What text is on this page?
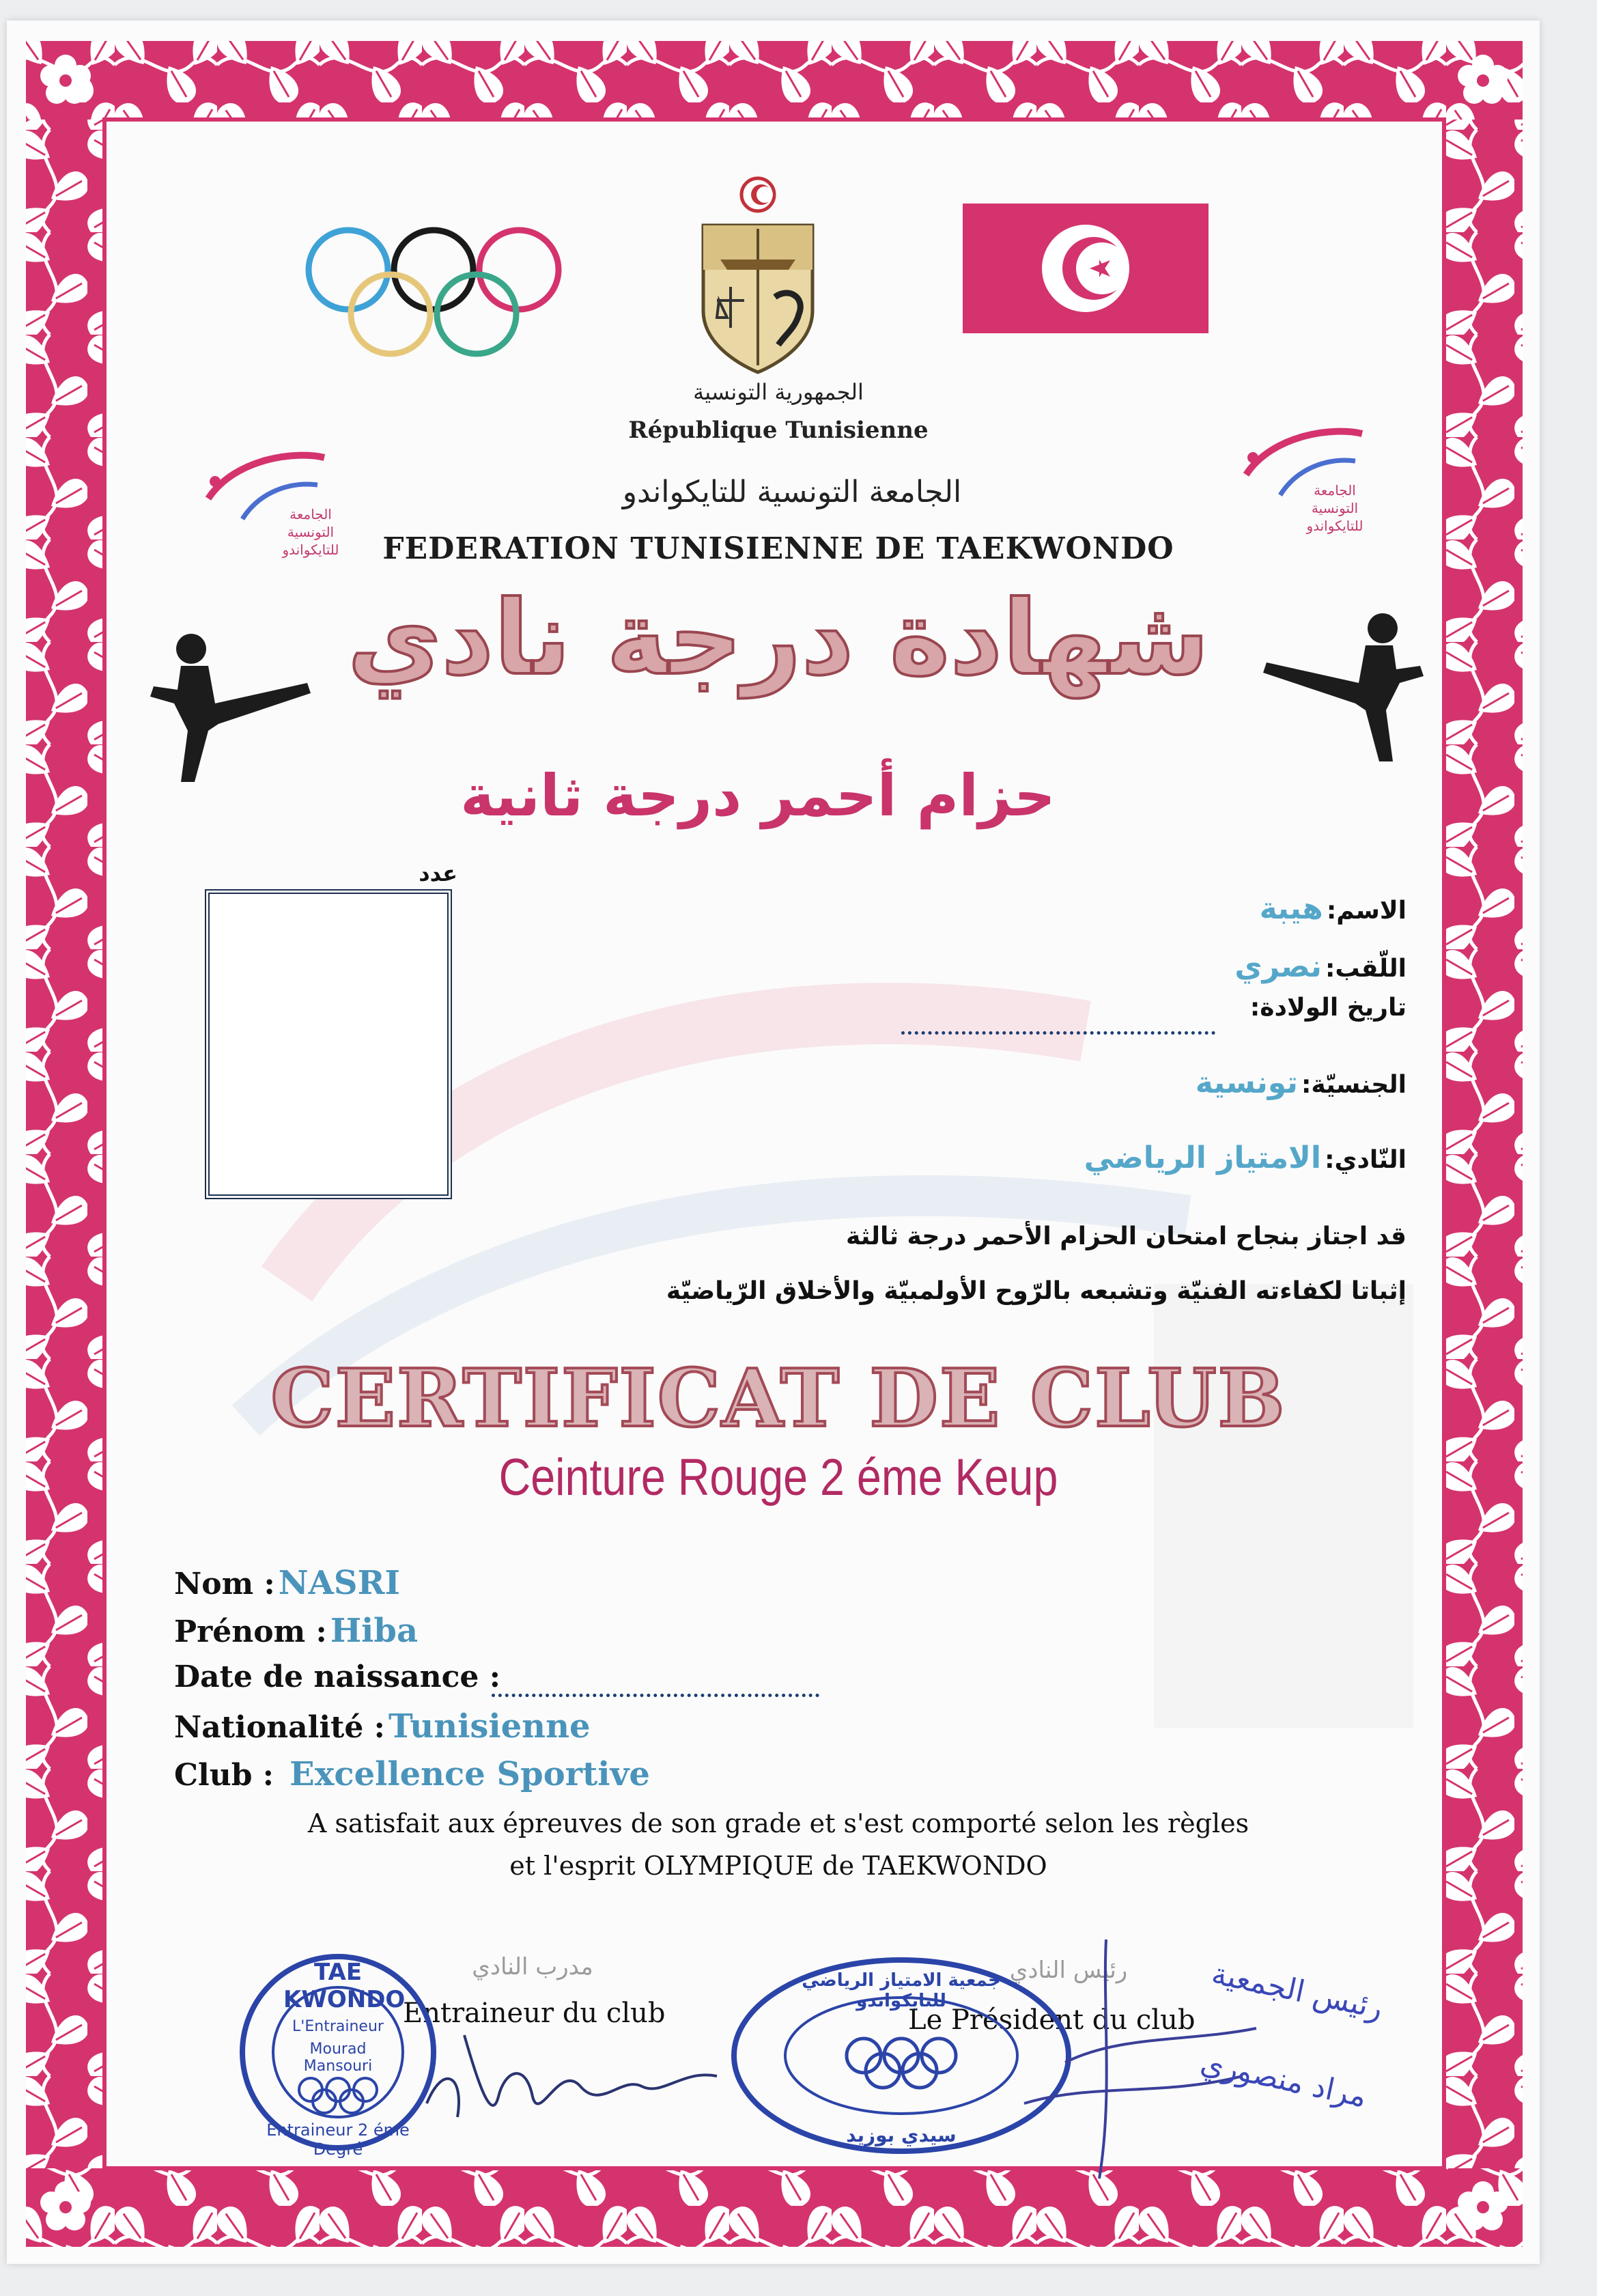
الجامعة التونسية للتايكواندو
الجامعة التونسية للتايكواندو
الجمهورية التونسية
République Tunisienne
الجامعة التونسية للتايكواندو
FEDERATION TUNISIENNE DE TAEKWONDO
شهادة درجة نادي
حزام أحمر درجة ثانية
عدد
الاسم: هيبة
اللّقب: نصري
تاريخ الولادة:
الجنسيّة: تونسية
النّادي: الامتياز الرياضي
قد اجتاز بنجاح امتحان الحزام الأحمر درجة ثالثة
إثباتا لكفاءته الفنيّة وتشبعه بالرّوح الأولمبيّة والأخلاق الرّياضيّة
CERTIFICAT DE CLUB
Ceinture Rouge 2 éme Keup
Nom : NASRI
Prénom : Hiba
Date de naissance :
Nationalité : Tunisienne
Club : Excellence Sportive
A satisfait aux épreuves de son grade et s'est comporté selon les règles
et l'esprit OLYMPIQUE de TAEKWONDO
مدرب النادي
Entraineur du club
رئيس النادي
Le Président du club
TAE KWONDO
L'Entraineur
Mourad Mansouri
Entraineur 2 éme Degré
جمعية الامتياز الرياضي للتايكواندو
سيدي بوزيد
رئيس الجمعية
مراد منصوري
